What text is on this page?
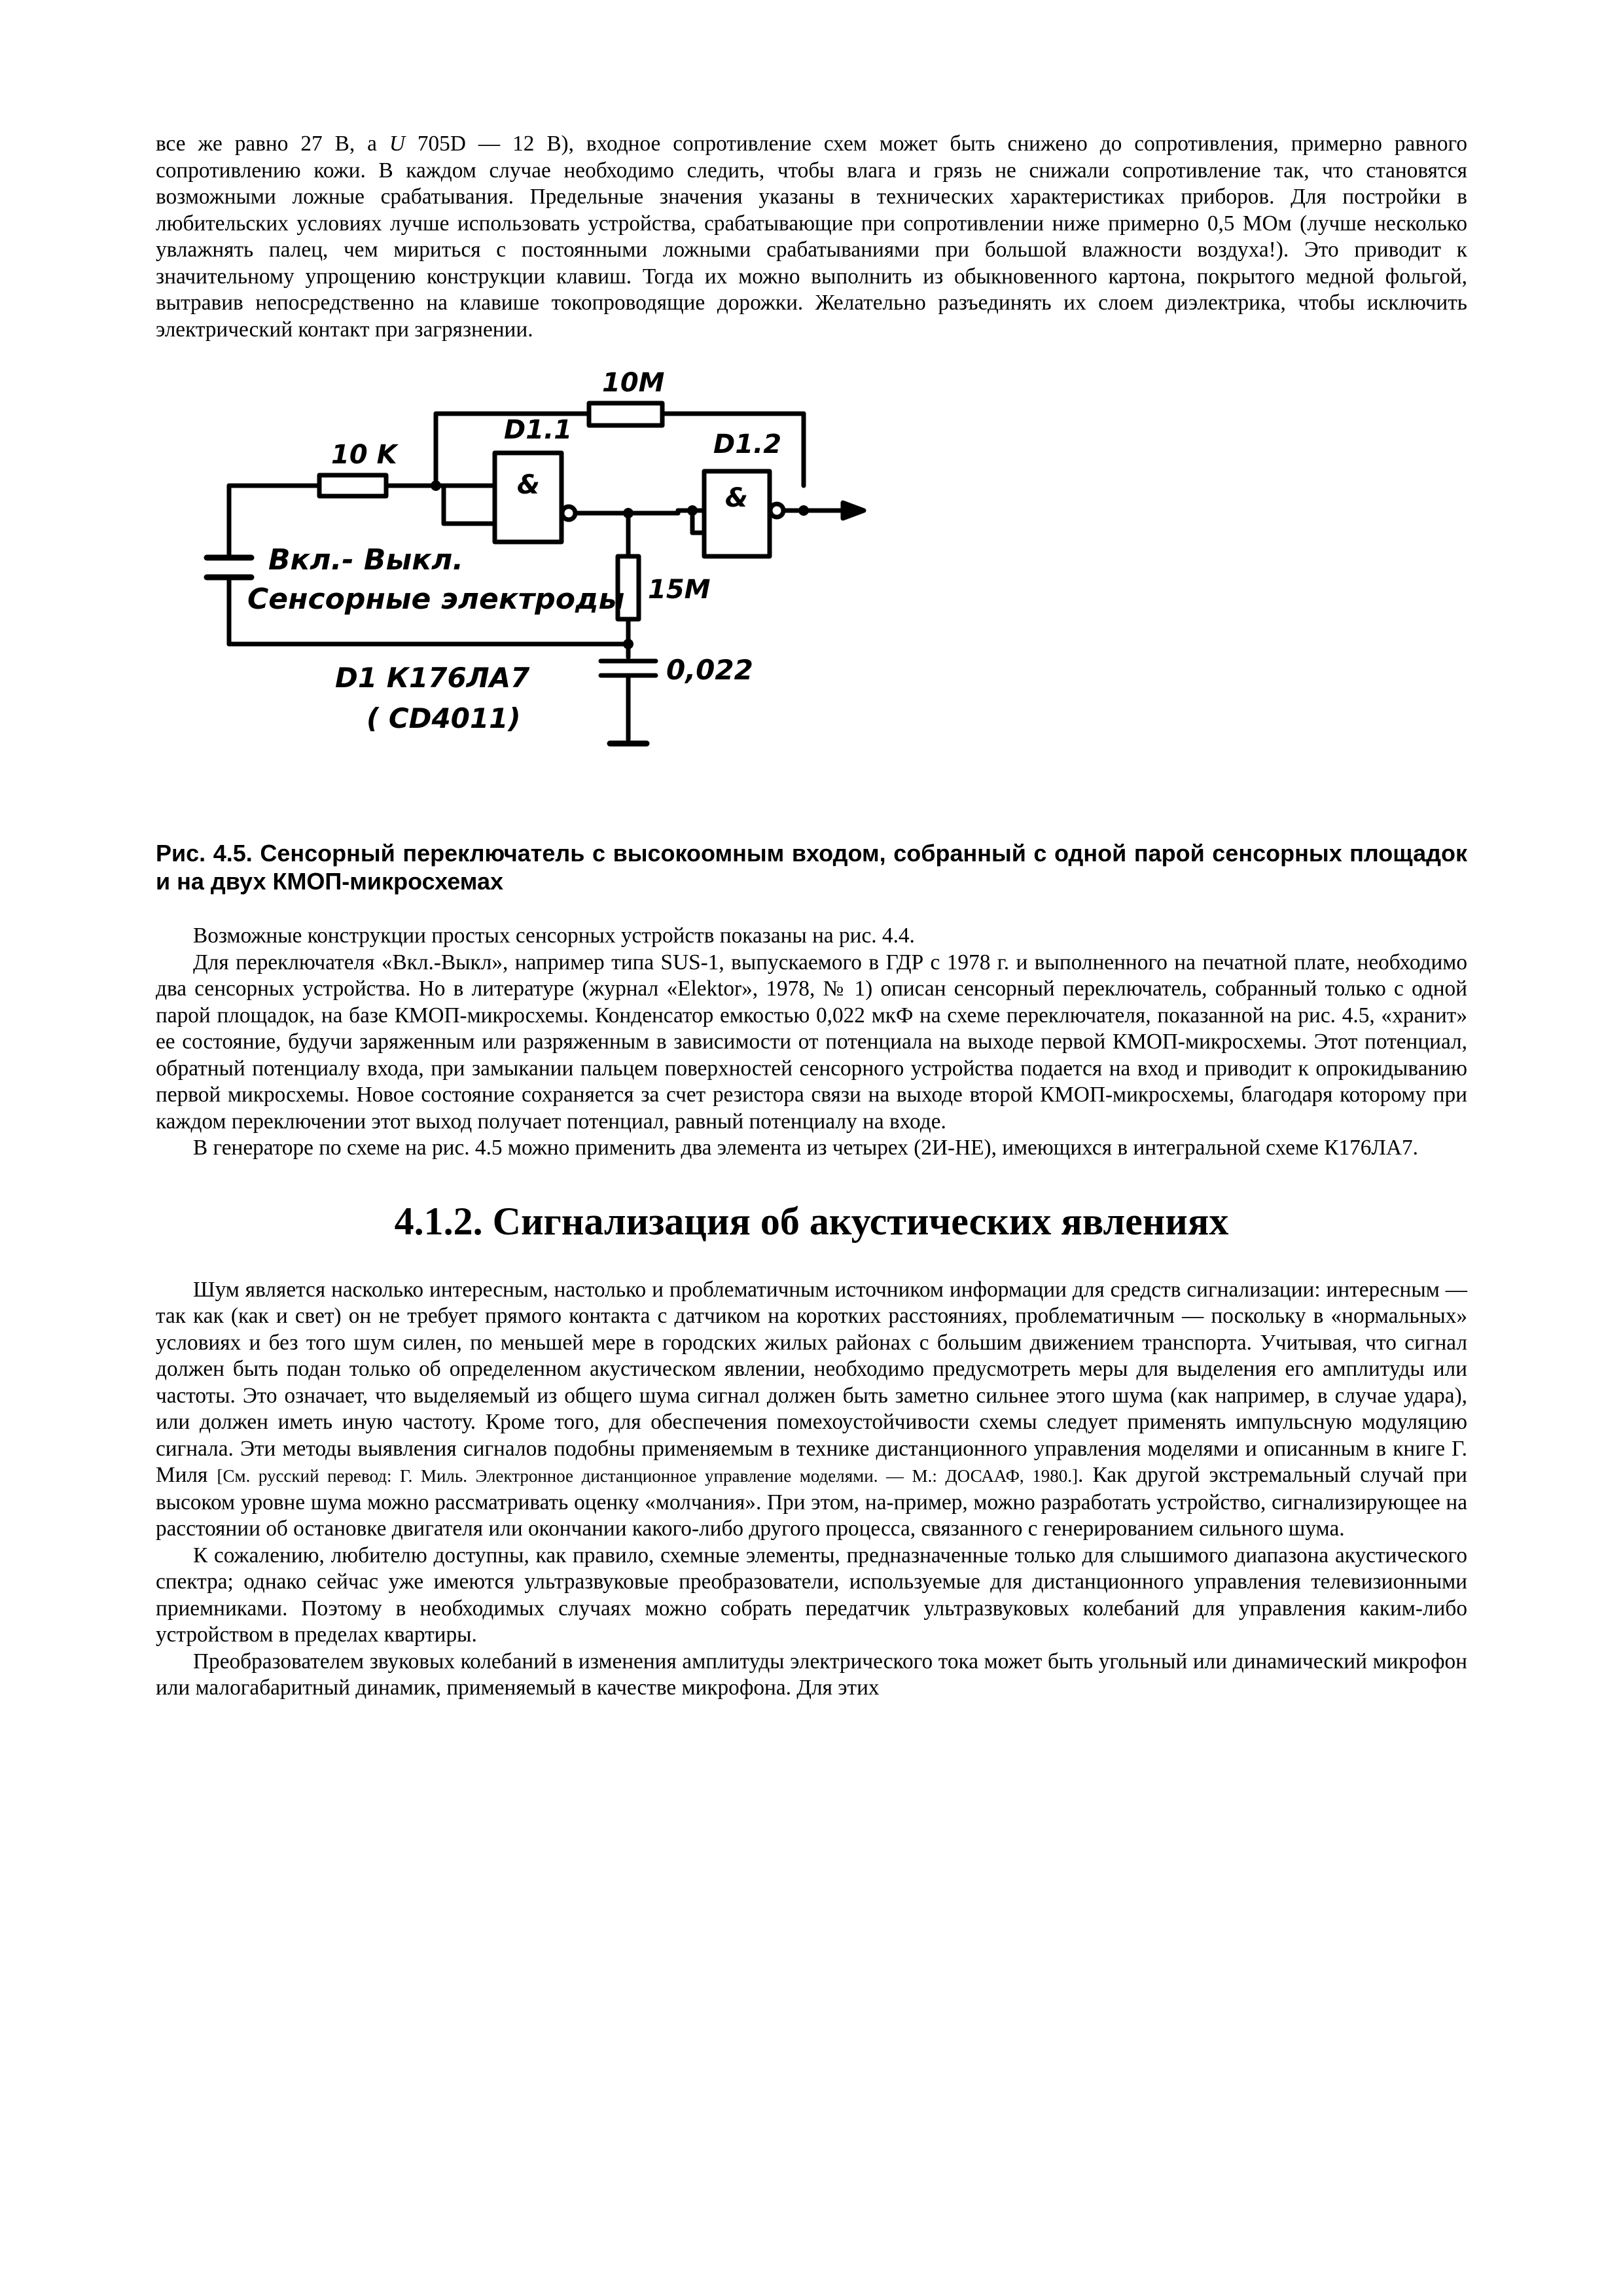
все же равно 27 В, а U 705D — 12 В), входное сопротивление схем может быть снижено до сопротивления, примерно равного сопротивлению кожи. В каждом случае необходимо следить, чтобы влага и грязь не снижали сопротивление так, что становятся возможными ложные срабатывания. Предельные значения указаны в технических характеристиках приборов. Для постройки в любительских условиях лучше использовать устройства, срабатывающие при сопротивлении ниже примерно 0,5 МОм (лучше несколько увлажнять палец, чем мириться с постоянными ложными срабатываниями при большой влажности воздуха!). Это приводит к значительному упрощению конструкции клавиш. Тогда их можно выполнить из обыкновенного картона, покрытого медной фольгой, вытравив непосредственно на клавише токопроводящие дорожки. Желательно разъединять их слоем диэлектрика, чтобы исключить электрический контакт при загрязнении.

10M
10 K
D1.1	D1.2
&	&
Вкл.- Выкл.
Сенсорные электроды 15М
D1 К176ЛА7
( CD4011)
0,022

Рис. 4.5. Сенсорный переключатель с высокоомным входом, собранный с одной парой сенсорных площадок и на двух КМОП-микросхемах

Возможные конструкции простых сенсорных устройств показаны на рис. 4.4.

Для переключателя «Вкл.-Выкл», например типа SUS-1, выпускаемого в ГДР с 1978 г. и выполненного на печатной плате, необходимо два сенсорных устройства. Но в литературе (журнал «Elektor», 1978, № 1) описан сенсорный переключатель, собранный только с одной парой площадок, на базе КМОП-микросхемы. Конденсатор емкостью 0,022 мкФ на схеме переключателя, показанной на рис. 4.5, «хранит» ее состояние, будучи заряженным или разряженным в зависимости от потенциала на выходе первой КМОП-микросхемы. Этот потенциал, обратный потенциалу входа, при замыкании пальцем поверхностей сенсорного устройства подается на вход и приводит к опрокидыванию первой микросхемы. Новое состояние сохраняется за счет резистора связи на выходе второй КМОП-микросхемы, благодаря которому при каждом переключении этот выход получает потенциал, равный потенциалу на входе.

В генераторе по схеме на рис. 4.5 можно применить два элемента из четырех (2И-НЕ), имеющихся в интегральной схеме К176ЛА7.

4.1.2. Сигнализация об акустических явлениях

Шум является насколько интересным, настолько и проблематичным источником информации для средств сигнализации: интересным — так как (как и свет) он не требует прямого контакта с датчиком на коротких расстояниях, проблематичным — поскольку в «нормальных» условиях и без того шум силен, по меньшей мере в городских жилых районах с большим движением транспорта. Учитывая, что сигнал должен быть подан только об определенном акустическом явлении, необходимо предусмотреть меры для выделения его амплитуды или частоты. Это означает, что выделяемый из общего шума сигнал должен быть заметно сильнее этого шума (как например, в случае удара), или должен иметь иную частоту. Кроме того, для обеспечения помехоустойчивости схемы следует применять импульсную модуляцию сигнала. Эти методы выявления сигналов подобны применяемым в технике дистанционного управления моделями и описанным в книге Г. Миля [См. русский перевод: Г. Миль. Электронное дистанционное управление моделями. — М.: ДОСААФ, 1980.]. Как другой экстремальный случай при высоком уровне шума можно рассматривать оценку «молчания». При этом, на-пример, можно разработать устройство, сигнализирующее на расстоянии об остановке двигателя или окончании какого-либо другого процесса, связанного с генерированием сильного шума.

К сожалению, любителю доступны, как правило, схемные элементы, предназначенные только для слышимого диапазона акустического спектра; однако сейчас уже имеются ультразвуковые преобразователи, используемые для дистанционного управления телевизионными приемниками. Поэтому в необходимых случаях можно собрать передатчик ультразвуковых колебаний для управления каким-либо устройством в пределах квартиры.

Преобразователем звуковых колебаний в изменения амплитуды электрического тока может быть угольный или динамический микрофон или малогабаритный динамик, применяемый в качестве микрофона. Для этих
